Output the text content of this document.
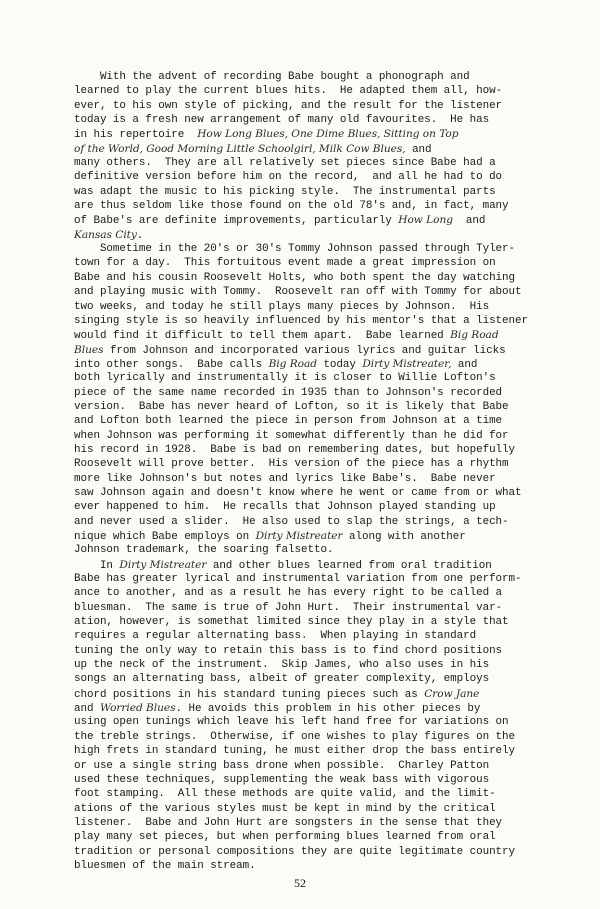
With the advent of recording Babe bought a phonograph and
learned to play the current blues hits.  He adapted them all, how-
ever, to his own style of picking, and the result for the listener
today is a fresh new arrangement of many old favourites.  He has
in his repertoire  How Long Blues, One Dime Blues, Sitting on Top
of the World, Good Morning Little Schoolgirl, Milk Cow Blues, and
many others.  They are all relatively set pieces since Babe had a
definitive version before him on the record,  and all he had to do
was adapt the music to his picking style.  The instrumental parts
are thus seldom like those found on the old 78's and, in fact, many
of Babe's are definite improvements, particularly How Long  and
Kansas City.
Sometime in the 20's or 30's Tommy Johnson passed through Tyler-
town for a day.  This fortuitous event made a great impression on
Babe and his cousin Roosevelt Holts, who both spent the day watching
and playing music with Tommy.  Roosevelt ran off with Tommy for about
two weeks, and today he still plays many pieces by Johnson.  His
singing style is so heavily influenced by his mentor's that a listener
would find it difficult to tell them apart.  Babe learned Big Road
Blues from Johnson and incorporated various lyrics and guitar licks
into other songs.  Babe calls Big Road today Dirty Mistreater, and
both lyrically and instrumentally it is closer to Willie Lofton's
piece of the same name recorded in 1935 than to Johnson's recorded
version.  Babe has never heard of Lofton, so it is likely that Babe
and Lofton both learned the piece in person from Johnson at a time
when Johnson was performing it somewhat differently than he did for
his record in 1928.  Babe is bad on remembering dates, but hopefully
Roosevelt will prove better.  His version of the piece has a rhythm
more like Johnson's but notes and lyrics like Babe's.  Babe never
saw Johnson again and doesn't know where he went or came from or what
ever happened to him.  He recalls that Johnson played standing up
and never used a slider.  He also used to slap the strings, a tech-
nique which Babe employs on Dirty Mistreater along with another
Johnson trademark, the soaring falsetto.
In Dirty Mistreater and other blues learned from oral tradition
Babe has greater lyrical and instrumental variation from one perform-
ance to another, and as a result he has every right to be called a
bluesman.  The same is true of John Hurt.  Their instrumental var-
ation, however, is somethat limited since they play in a style that
requires a regular alternating bass.  When playing in standard
tuning the only way to retain this bass is to find chord positions
up the neck of the instrument.  Skip James, who also uses in his
songs an alternating bass, albeit of greater complexity, employs
chord positions in his standard tuning pieces such as Crow Jane
and Worried Blues. He avoids this problem in his other pieces by
using open tunings which leave his left hand free for variations on
the treble strings.  Otherwise, if one wishes to play figures on the
high frets in standard tuning, he must either drop the bass entirely
or use a single string bass drone when possible.  Charley Patton
used these techniques, supplementing the weak bass with vigorous
foot stamping.  All these methods are quite valid, and the limit-
ations of the various styles must be kept in mind by the critical
listener.  Babe and John Hurt are songsters in the sense that they
play many set pieces, but when performing blues learned from oral
tradition or personal compositions they are quite legitimate country
bluesmen of the main stream.
52
